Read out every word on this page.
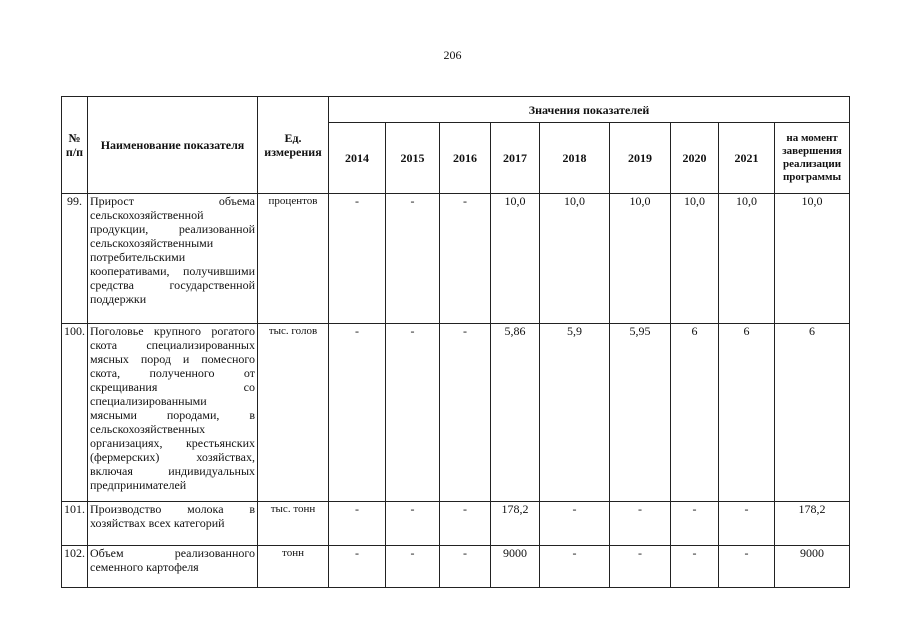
206
№ п/п	Наименование показателя	Ед. измерения	Значения показателей								
			2014	2015	2016	2017	2018	2019	2020	2021	на момент завершения реализации программы
99.	Прирост объема сельскохозяйственной продукции, реализованной сельскохозяйственными потребительскими кооперативами, получившими средства государственной поддержки	процентов	-	-	-	10,0	10,0	10,0	10,0	10,0	10,0
100.	Поголовье крупного рогатого скота специализированных мясных пород и помесного скота, полученного от скрещивания со специализированными мясными породами, в сельскохозяйственных организациях, крестьянских (фермерских) хозяйствах, включая индивидуальных предпринимателей	тыс. голов	-	-	-	5,86	5,9	5,95	6	6	6
101.	Производство молока в хозяйствах всех категорий	тыс. тонн	-	-	-	178,2	-	-	-	-	178,2
102.	Объем реализованного семенного картофеля	тонн	-	-	-	9000	-	-	-	-	9000
